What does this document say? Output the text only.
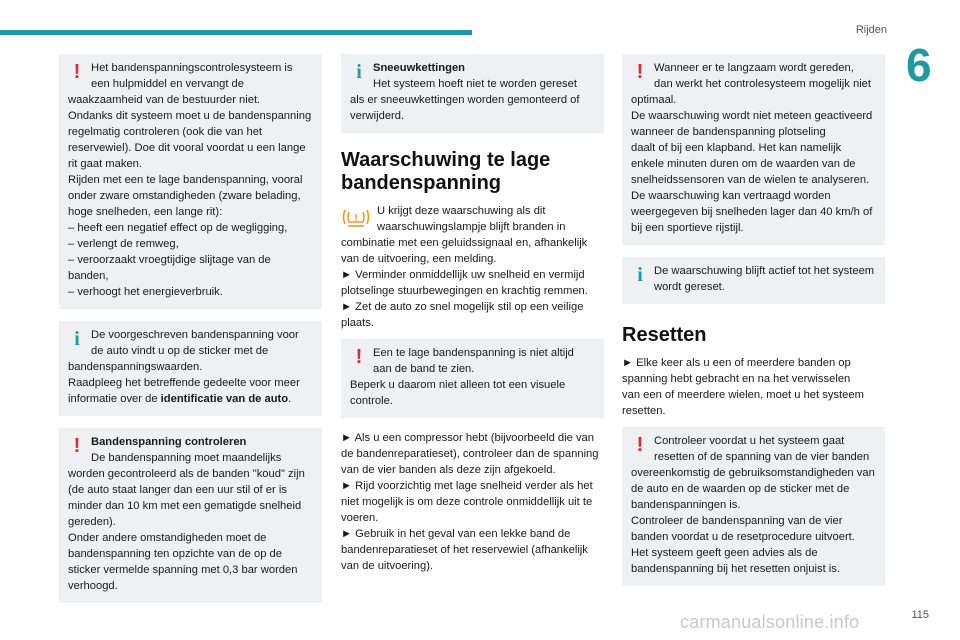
Rijden
6
! Het bandenspanningscontrolesysteem is

een hulpmiddel en vervangt de

waakzaamheid van de bestuurder niet.

Ondanks dit systeem moet u de bandenspanning

regelmatig controleren (ook die van het

reservewiel). Doe dit vooral voordat u een lange

rit gaat maken.

Rijden met een te lage bandenspanning, vooral

onder zware omstandigheden (zware belading,

hoge snelheden, een lange rit):

– heeft een negatief effect op de wegligging,

– verlengt de remweg,

– veroorzaakt vroegtijdige slijtage van de

banden,

– verhoogt het energieverbruik.

i	De voorgeschreven bandenspanning voor

de auto vindt u op de sticker met de

bandenspanningswaarden.

Raadpleeg het betreffende gedeelte voor meer

informatie over de identificatie van de auto.

! Bandenspanning controleren

De bandenspanning moet maandelijks

worden gecontroleerd als de banden "koud" zijn

(de auto staat langer dan een uur stil of er is

minder dan 10 km met een gematigde snelheid

gereden).

Onder andere omstandigheden moet de

bandenspanning ten opzichte van de op de

sticker vermelde spanning met 0,3 bar worden

verhoogd.

i	Sneeuwkettingen

Het systeem hoeft niet te worden gereset

als er sneeuwkettingen worden gemonteerd of

verwijderd.

Waarschuwing te lage
bandenspanning
!

U krijgt deze waarschuwing als dit

waarschuwingslampje blijft branden in

combinatie met een geluidssignaal en, afhankelijk

van de uitvoering, een melding.

► Verminder onmiddellijk uw snelheid en vermijd

plotselinge stuurbewegingen en krachtig remmen.

► Zet de auto zo snel mogelijk stil op een veilige

plaats.

! Een te lage bandenspanning is niet altijd

aan de band te zien.

Beperk u daarom niet alleen tot een visuele

controle.

► Als u een compressor hebt (bijvoorbeeld die van

de bandenreparatieset), controleer dan de spanning

van de vier banden als deze zijn afgekoeld.

► Rijd voorzichtig met lage snelheid verder als het

niet mogelijk is om deze controle onmiddellijk uit te

voeren.

► Gebruik in het geval van een lekke band de

bandenreparatieset of het reservewiel (afhankelijk

van de uitvoering).

! Wanneer er te langzaam wordt gereden,

dan werkt het controlesysteem mogelijk niet

optimaal.

De waarschuwing wordt niet meteen geactiveerd

wanneer de bandenspanning plotseling

daalt of bij een klapband. Het kan namelijk

enkele minuten duren om de waarden van de

snelheidssensoren van de wielen te analyseren.

De waarschuwing kan vertraagd worden

weergegeven bij snelheden lager dan 40 km/h of

bij een sportieve rijstijl.

i	De waarschuwing blijft actief tot het systeem

wordt gereset.

Resetten

► Elke keer als u een of meerdere banden op

spanning hebt gebracht en na het verwisselen

van een of meerdere wielen, moet u het systeem

resetten.

! Controleer voordat u het systeem gaat

resetten of de spanning van de vier banden

overeenkomstig de gebruiksomstandigheden van

de auto en de waarden op de sticker met de

bandenspanningen is.

Controleer de bandenspanning van de vier

banden voordat u de resetprocedure uitvoert.

Het systeem geeft geen advies als de

bandenspanning bij het resetten onjuist is.

115
carmanualsonline.info
